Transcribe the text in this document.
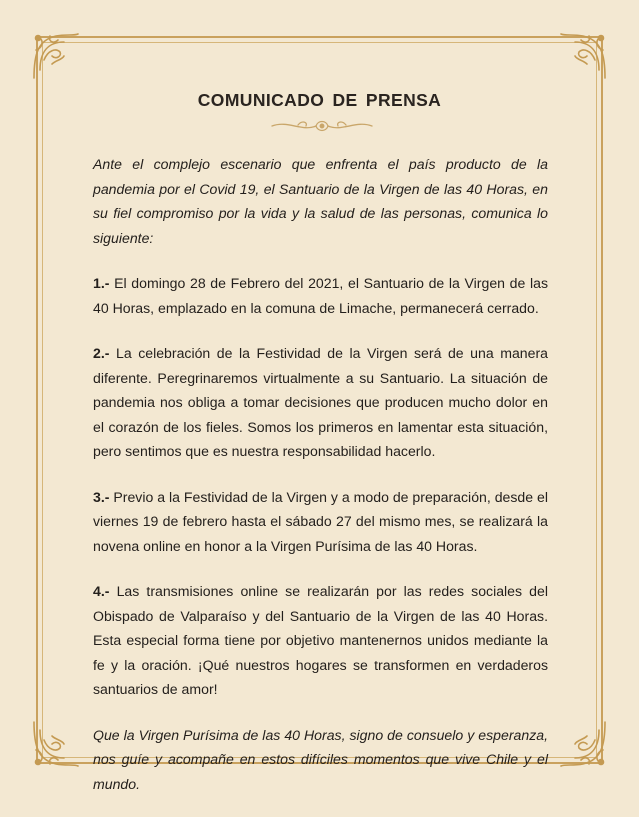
COMUNICADO DE PRENSA

Ante el complejo escenario que enfrenta el país producto de la pandemia por el Covid 19, el Santuario de la Virgen de las 40 Horas, en su fiel compromiso por la vida y la salud de las personas, comunica lo siguiente:

1.- El domingo 28 de Febrero del 2021, el Santuario de la Virgen de las 40 Horas, emplazado en la comuna de Limache, permanecerá cerrado.

2.- La celebración de la Festividad de la Virgen será de una manera diferente. Peregrinaremos virtualmente a su Santuario. La situación de pandemia nos obliga a tomar decisiones que producen mucho dolor en el corazón de los fieles. Somos los primeros en lamentar esta situación, pero sentimos que es nuestra responsabilidad hacerlo.

3.- Previo a la Festividad de la Virgen y a modo de preparación, desde el viernes 19 de febrero hasta el sábado 27 del mismo mes, se realizará la novena online en honor a la Virgen Purísima de las 40 Horas.

4.- Las transmisiones online se realizarán por las redes sociales del Obispado de Valparaíso y del Santuario de la Virgen de las 40 Horas. Esta especial forma tiene por objetivo mantenernos unidos mediante la fe y la oración. ¡Qué nuestros hogares se transformen en verdaderos santuarios de amor!

Que la Virgen Purísima de las 40 Horas, signo de consuelo y esperanza, nos guíe y acompañe en estos difíciles momentos que vive Chile y el mundo.
